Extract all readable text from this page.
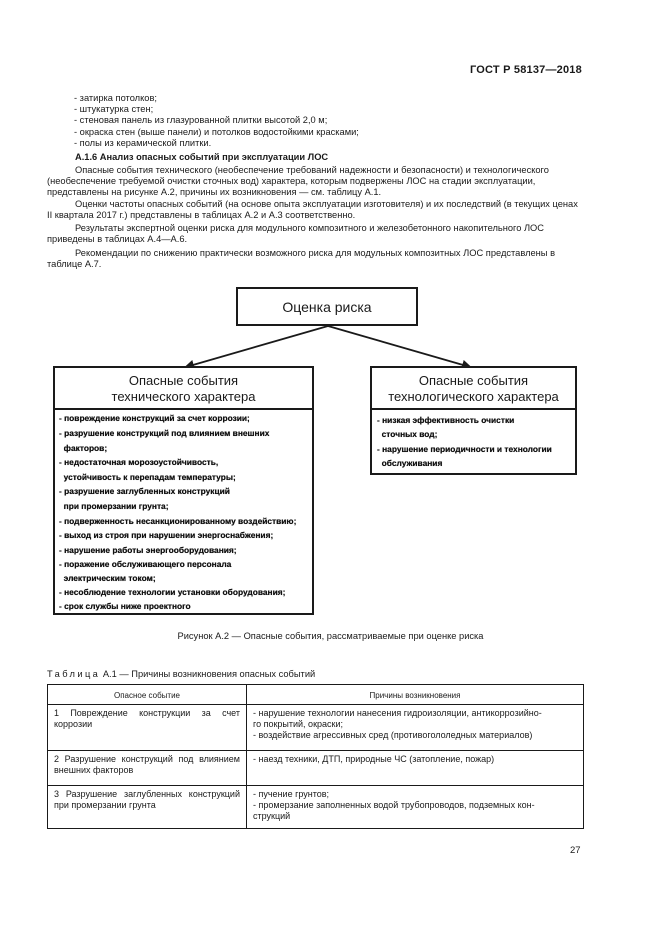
ГОСТ Р 58137—2018
- затирка потолков;
- штукатурка стен;
- стеновая панель из глазурованной плитки высотой 2,0 м;
- окраска стен (выше панели) и потолков водостойкими красками;
- полы из керамической плитки.
А.1.6 Анализ опасных событий при эксплуатации ЛОС
Опасные события технического (необеспечение требований надежности и безопасности) и технологического (необеспечение требуемой очистки сточных вод) характера, которым подвержены ЛОС на стадии эксплуатации, представлены на рисунке А.2, причины их возникновения — см. таблицу А.1.
Оценки частоты опасных событий (на основе опыта эксплуатации изготовителя) и их последствий (в текущих ценах II квартала 2017 г.) представлены в таблицах А.2 и А.3 соответственно.
Результаты экспертной оценки риска для модульного композитного и железобетонного накопительного ЛОС приведены в таблицах А.4—А.6.
Рекомендации по снижению практически возможного риска для модульных композитных ЛОС представлены в таблице А.7.
Оценка риска
Опасные события
технического характера
- повреждение конструкций за счет коррозии;
- разрушение конструкций под влиянием внешних
факторов;
- недостаточная морозоустойчивость,
устойчивость к перепадам температуры;
- разрушение заглубленных конструкций
при промерзании грунта;
- подверженность несанкционированному воздействию;
- выход из строя при нарушении энергоснабжения;
- нарушение работы энергооборудования;
- поражение обслуживающего персонала
электрическим током;
- несоблюдение технологии установки оборудования;
- срок службы ниже проектного
Опасные события
технологического характера
- низкая эффективность очистки
сточных вод;
- нарушение периодичности и технологии
обслуживания
Рисунок А.2 — Опасные события, рассматриваемые при оценке риска
Таблица А.1 — Причины возникновения опасных событий
Опасное событие	Причины возникновения
1 Повреждение конструкции за счет коррозии	- нарушение технологии нанесения гидроизоляции, антикоррозийно-
го покрытий, окраски;
- воздействие агрессивных сред (противогололедных материалов)

2 Разрушение конструкций под влиянием внешних факторов	- наезд техники, ДТП, природные ЧС (затопление, пожар)

3 Разрушение заглубленных конструкций при промерзании грунта	- пучение грунтов;
- промерзание заполненных водой трубопроводов, подземных кон-
струкций
27
